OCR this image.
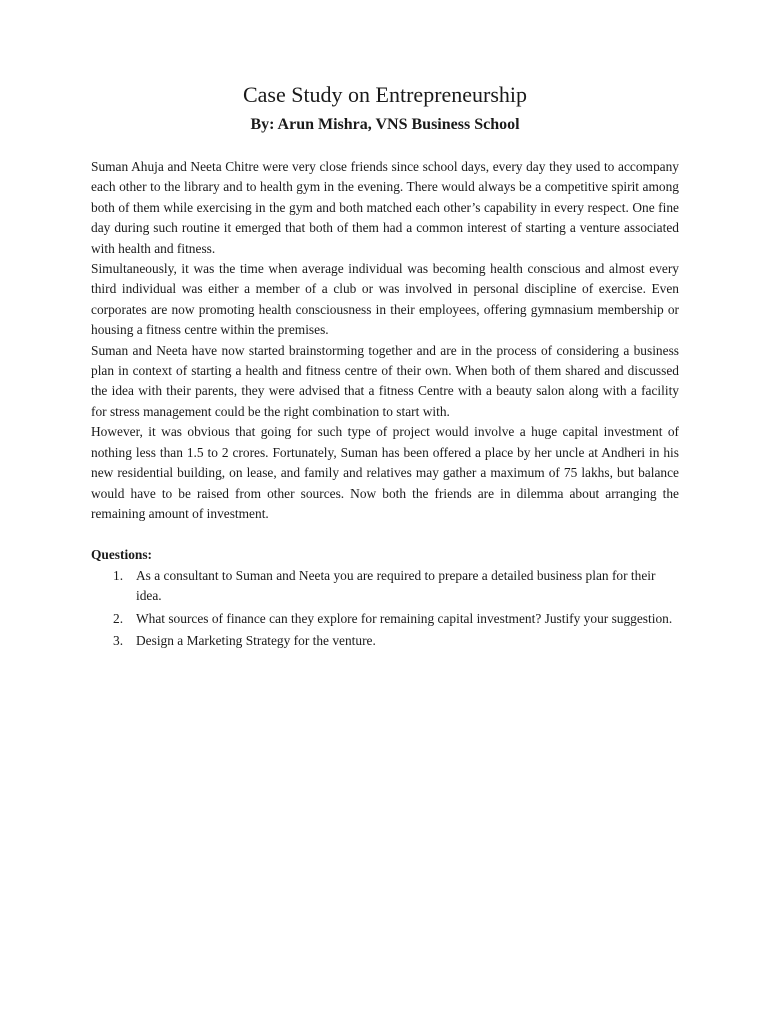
Case Study on Entrepreneurship
By: Arun Mishra, VNS Business School

Suman Ahuja and Neeta Chitre were very close friends since school days, every day they used to accompany each other to the library and to health gym in the evening. There would always be a competitive spirit among both of them while exercising in the gym and both matched each other’s capability in every respect. One fine day during such routine it emerged that both of them had a common interest of starting a venture associated with health and fitness.

Simultaneously, it was the time when average individual was becoming health conscious and almost every third individual was either a member of a club or was involved in personal discipline of exercise. Even corporates are now promoting health consciousness in their employees, offering gymnasium membership or housing a fitness centre within the premises.

Suman and Neeta have now started brainstorming together and are in the process of considering a business plan in context of starting a health and fitness centre of their own. When both of them shared and discussed the idea with their parents, they were advised that a fitness Centre with a beauty salon along with a facility for stress management could be the right combination to start with.

However, it was obvious that going for such type of project would involve a huge capital investment of nothing less than 1.5 to 2 crores. Fortunately, Suman has been offered a place by her uncle at Andheri in his new residential building, on lease, and family and relatives may gather a maximum of 75 lakhs, but balance would have to be raised from other sources. Now both the friends are in dilemma about arranging the remaining amount of investment.

Questions:

1. As a consultant to Suman and Neeta you are required to prepare a detailed business plan for their idea.
2. What sources of finance can they explore for remaining capital investment? Justify your suggestion.
3. Design a Marketing Strategy for the venture.
